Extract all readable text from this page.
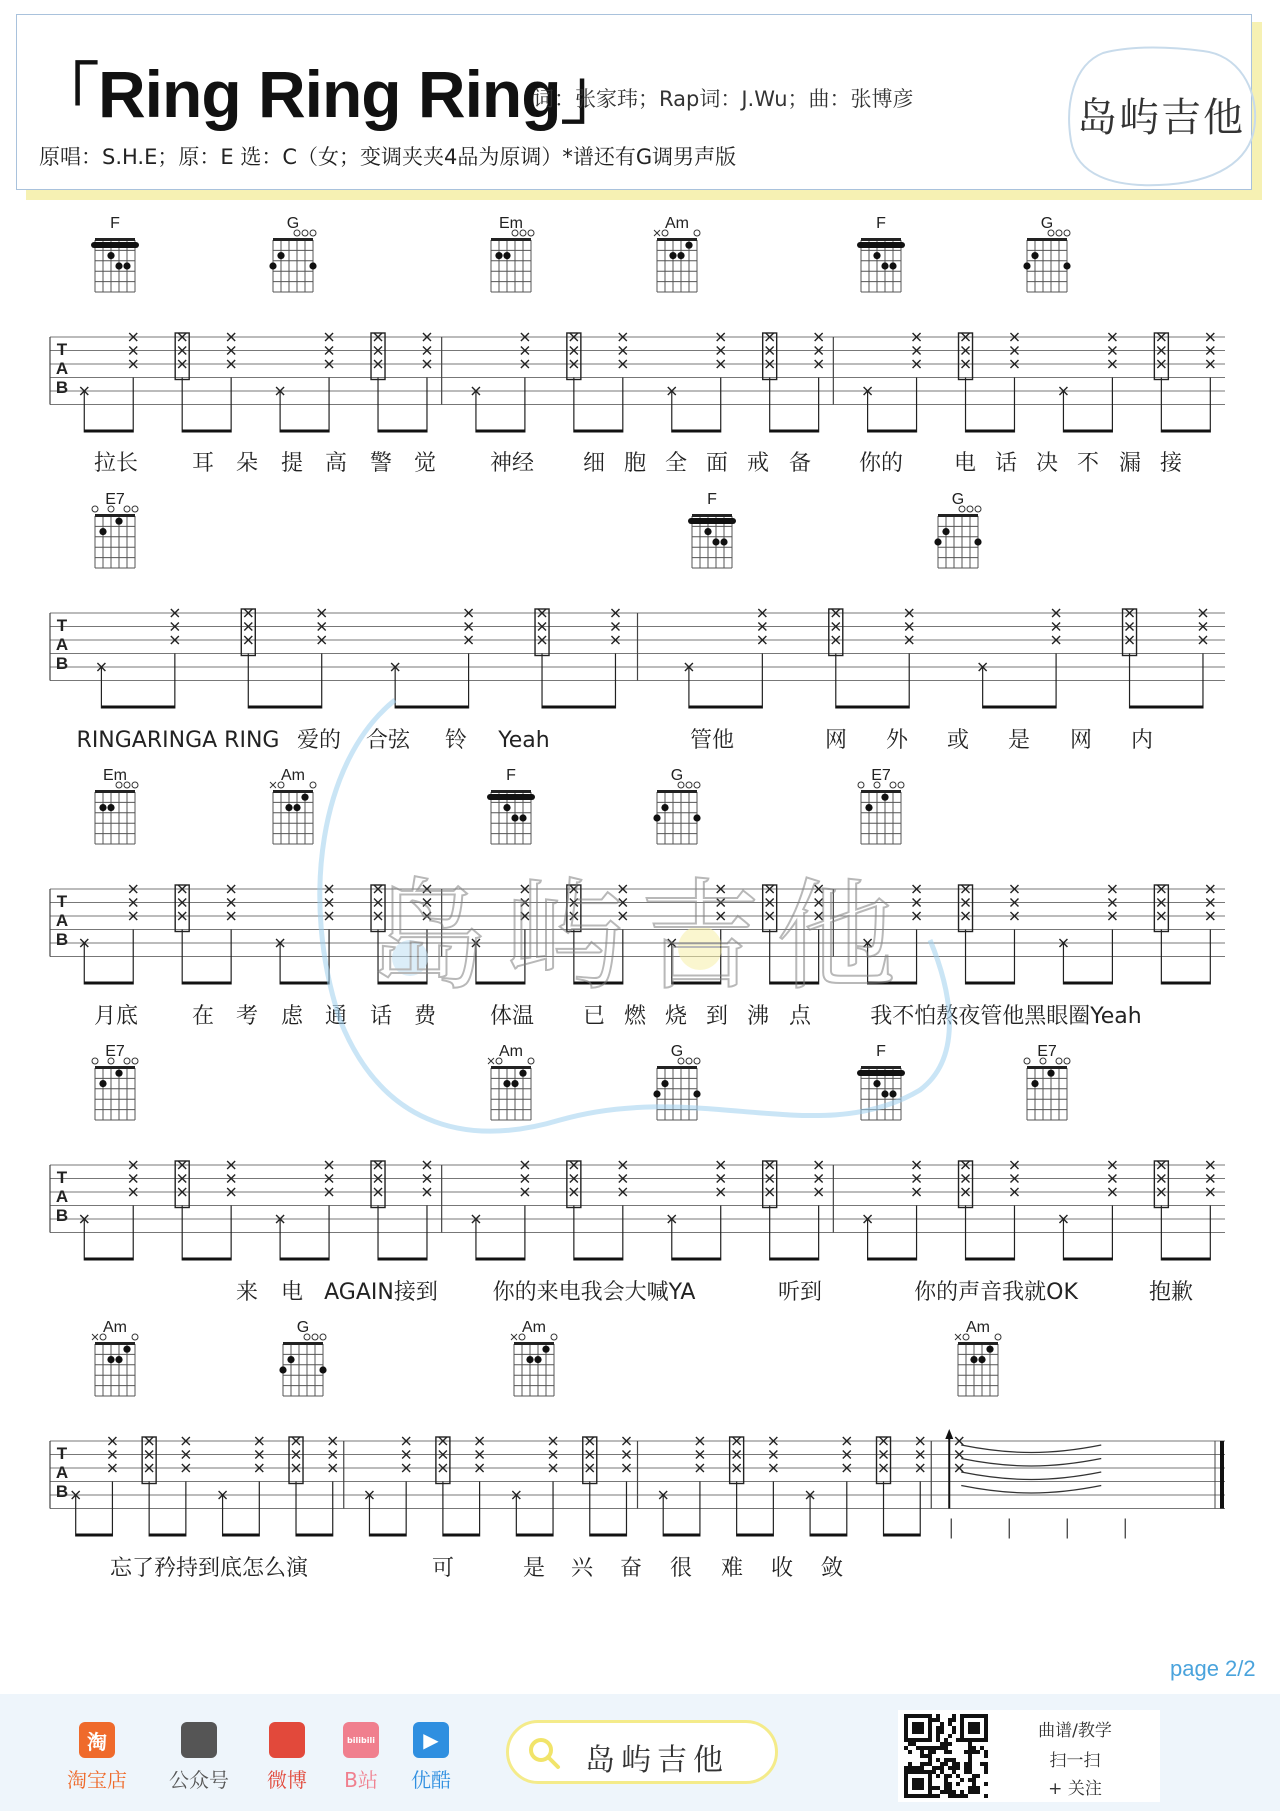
「Ring Ring Ring」
词：张家玮；Rap词：J.Wu；曲：张博彦
原唱：S.H.E；原：E 选：C（女；变调夹夹4品为原调）*谱还有G调男声版
岛屿吉他
F	G	Em	Am	F	G
T
A
B
拉长 耳 朵 提 高 警 觉 神经 细 胞 全 面 戒 备 你的 电 话 决 不 漏 接
E7	F	G
T
A
B
RINGARINGA RING 爱的 合弦 铃 Yeah	管他	网 外 或 是 网 内
Em	Am	F	G	E7
T
A
B
月底 在 考 虑 通 话 费 体温 已 燃 烧 到 沸 点	我不怕熬夜管他黑眼圈Yeah
E7	Am	G	F	E7
T
A
B
来 电 AGAIN接到 你的来电我会大喊YA	听到	你的声音我就OK	抱歉
Am	G	Am	Am
T
A
B
忘了矜持到底怎么演	可	是 兴 奋 很 难 收 敛
岛屿吉他
page 2/2
淘
淘宝店 公众号	微博
bilibili
B站
▶
优酷
岛屿吉他
曲谱/教学
扫一扫
+ 关注
